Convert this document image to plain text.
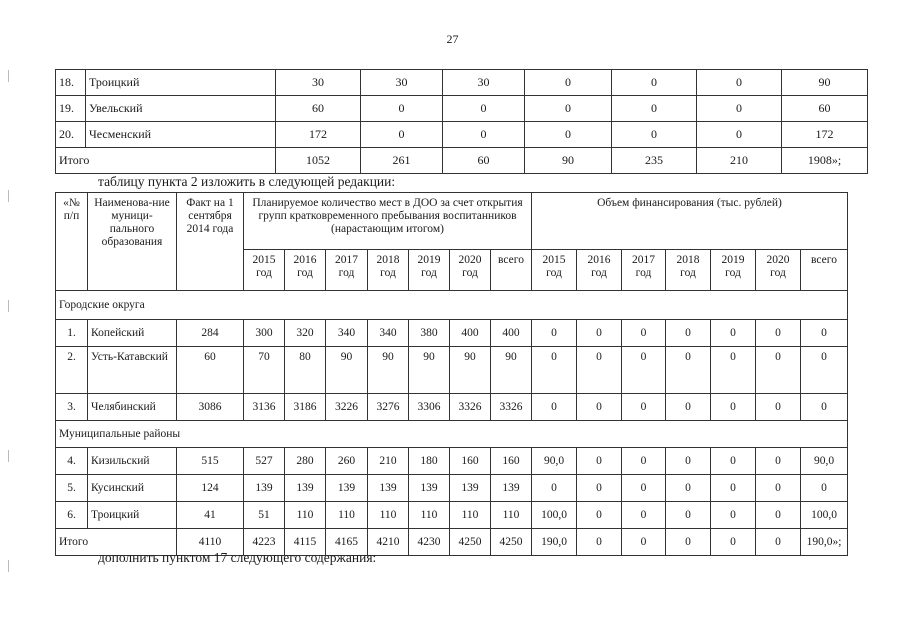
27
18.	Троицкий	30	30	30	0	0	0	90
19.	Увельский	60	0	0	0	0	0	60
20.	Чесменский	172	0	0	0	0	0	172
Итого		1052	261	60	90	235	210	1908»;
таблицу пункта 2 изложить в следующей редакции:
«№ п/п	Наименова-ние муници-пального образования	Факт на 1 сентября 2014 года	Планируемое количество мест в ДОО за счет открытия групп кратковременного пребывания воспитанников (нарастающим итогом)							Объем финансирования (тыс. рублей)						
			2015 год	2016 год	2017 год	2018 год	2019 год	2020 год	всего	2015 год	2016 год	2017 год	2018 год	2019 год	2020 год	всего
Городские округа																
1.	Копейский	284	300	320	340	340	380	400	400	0	0	0	0	0	0	0
2.	Усть-Катавский	60	70	80	90	90	90	90	90	0	0	0	0	0	0	0
3.	Челябинский	3086	3136	3186	3226	3276	3306	3326	3326	0	0	0	0	0	0	0
Муниципальные районы																
4.	Кизильский	515	527	280	260	210	180	160	160	90,0	0	0	0	0	0	90,0
5.	Кусинский	124	139	139	139	139	139	139	139	0	0	0	0	0	0	0
6.	Троицкий	41	51	110	110	110	110	110	110	100,0	0	0	0	0	0	100,0
Итого		4110	4223	4115	4165	4210	4230	4250	4250	190,0	0	0	0	0	0	190,0»;
дополнить пунктом 17 следующего содержания:
